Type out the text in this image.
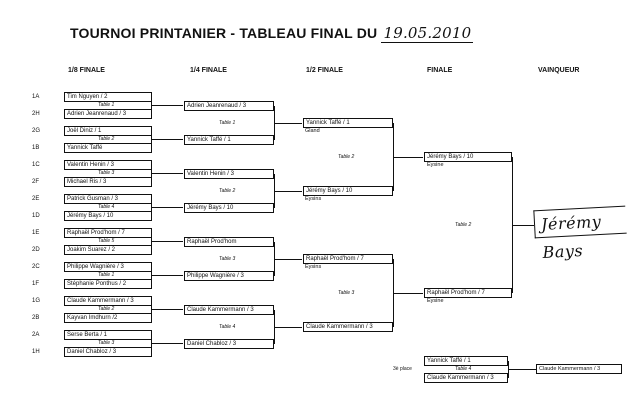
TOURNOI PRINTANIER - TABLEAU FINAL DU 19.05.2010
1/8 FINALE	1/4 FINALE	1/2 FINALE	FINALE	VAINQUEUR
1A
2H
2G
1B
1C
2F
2E
1D
1E
2D
2C
1F
1G
2B
2A
1H
Tim Nguyen / 2
Adrien Jeanrenaud / 3
Joël Diniz / 1
Yannick Taffé
Valentin Henin / 3
Michael Ris / 3
Patrick Gusman / 3
Jérémy Bays / 10
Raphaël Prod'hom / 7
Joakim Suarez / 2
Philippe Wagnière / 3
Stéphanie Ponthus / 2
Claude Kammermann / 3
Kayvan Imdhurn /2
Serse Berta / 1
Daniel Chabloz / 3
Table 1
Table 2
Table 3
Table 4
Table 5
Table 1
Table 2
Table 3
Adrien Jeanrenaud / 3
Yannick Taffé / 1
Valentin Henin / 3
Jérémy Bays / 10
Raphaël Prod'hom
Philippe Wagnière / 3
Claude Kammermann / 3
Daniel Chabloz / 3
Table 1
Table 2
Table 3
Table 4
Yannick Taffé / 1
Jérémy Bays / 10
Raphaël Prod'hom / 7
Claude Kammermann / 3
Gland
Eysins
Eysins
Table 2
Table 3
Jérémy Bays / 10
Raphaël Prod'hom / 7
Eysine
Eysine
Table 2	Jérémy Bays
3è place
Yannick Taffé / 1
Claude Kammermann / 3
Table 4	Claude Kammermann / 3
